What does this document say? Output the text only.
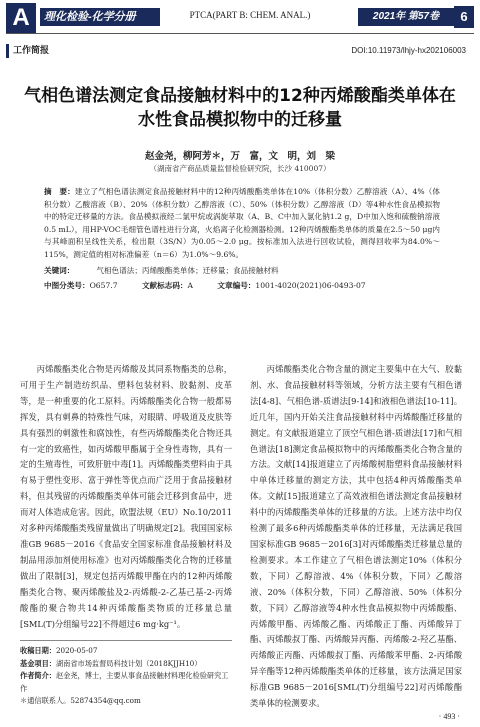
A	理化检验-化学分册	PTCA(PART B: CHEM. ANAL.)	2021年 第57卷	6
工作简报	DOI:10.11973/lhjy-hx202106003
气相色谱法测定食品接触材料中的12种丙烯酸酯类单体在水性食品模拟物中的迁移量
赵金尧，柳阿芳＊，万　富，文　明，刘　梁
（湖南省产商品质量监督检验研究院，长沙 410007）
摘　要：建立了气相色谱法测定食品接触材料中的12种丙烯酸酯类单体在10%（体积分数）乙醇溶液（A）、4%（体积分数）乙酸溶液（B）、20%（体积分数）乙醇溶液（C）、50%（体积分数）乙醇溶液（D）等4种水性食品模拟物中的特定迁移量的方法。食品模拟液经二氯甲烷或涡旋萃取（A、B、C中加入氯化钠1.2 g，D中加入饱和硫酸钠溶液0.5 mL），用HP-VOC毛细管色谱柱进行分离，火焰离子化检测器检测。12种丙烯酸酯类单体的质量在2.5～50 μg内与其峰面积呈线性关系，检出限（3S/N）为0.05～2.0 μg。按标准加入法进行回收试验，测得回收率为84.0%～115%，测定值的相对标准偏差（n＝6）为1.0%～9.6%。
关键词：	气相色谱法；丙烯酸酯类单体；迁移量；食品接触材料
中图分类号：O657.7	文献标志码：A	文章编号：1001-4020(2021)06-0493-07

丙烯酸酯类化合物是丙烯酸及其同系物酯类的总称，可用于生产制造纺织品、塑料包装材料、胶黏剂、皮革等，是一种重要的化工原料。丙烯酸酯类化合物一般都易挥发，具有刺鼻的特殊性气味，对眼睛、呼吸道及皮肤等具有强烈的刺激性和腐蚀性，有些丙烯酸酯类化合物还具有一定的致癌性，如丙烯酸甲酯属于全身性毒物，具有一定的生殖毒性，可致肝脏中毒[1]。丙烯酸酯类塑料由于具有易于塑性变形、富于弹性等优点而广泛用于食品接触材料，但其残留的丙烯酸酯类单体可能会迁移到食品中，进而对人体造成危害。因此，欧盟法规（EU）No.10/2011对多种丙烯酸酯类残留量做出了明确规定[2]。我国国家标准GB 9685－2016《食品安全国家标准食品接触材料及制品用添加剂使用标准》也对丙烯酸酯类化合物的迁移量做出了限制[3]，规定包括丙烯酸甲酯在内的12种丙烯酸酯类化合物、聚丙烯酸盐及2-丙烯酸-2-乙基己基-2-丙烯酸酯的聚合物共14种丙烯酸酯类物质的迁移量总量[SML(T)分组编号22]不得超过6 mg·kg⁻¹。

丙烯酸酯类化合物含量的测定主要集中在大气、胶黏剂、水、食品接触材料等领域，分析方法主要有气相色谱法[4-8]、气相色谱-质谱法[9-14]和液相色谱法[10-11]。近几年，国内开始关注食品接触材料中丙烯酸酯迁移量的测定。有文献报道建立了顶空气相色谱-质谱法[17]和气相色谱法[18]测定食品模拟物中的丙烯酸酯类化合物含量的方法。文献[14]报道建立了丙烯酸树脂塑料食品接触材料中单体迁移量的测定方法，其中包括4种丙烯酸酯类单体。文献[15]报道建立了高效液相色谱法测定食品接触材料中的丙烯酸酯类单体的迁移量的方法。上述方法中均仅检测了最多6种丙烯酸酯类单体的迁移量，无法满足我国国家标准GB 9685－2016[3]对丙烯酸酯类迁移量总量的检测要求。本工作建立了气相色谱法测定10%（体积分数，下同）乙醇溶液、4%（体积分数，下同）乙酸溶液、20%（体积分数，下同）乙醇溶液、50%（体积分数，下同）乙醇溶液等4种水性食品模拟物中丙烯酸酯、丙烯酸甲酯、丙烯酸乙酯、丙烯酸正丁酯、丙烯酸异丁酯、丙烯酸叔丁酯、丙烯酸异丙酯、丙烯酸-2-羟乙基酯、丙烯酸正丙酯、丙烯酸叔丁酯、丙烯酸苯甲酯、2-丙烯酸异辛酯等12种丙烯酸酯类单体的迁移量，该方法满足国家标准GB 9685－2016[SML(T)分组编号22]对丙烯酸酯类单体的检测要求。

收稿日期：2020-05-07
基金项目：湖南省市场监督局科技计划（2018KJJH10）
作者简介：赵金尧，博士，主要从事食品接触材料理化检验研究工作
＊通信联系人。52874354@qq.com
· 493 ·
